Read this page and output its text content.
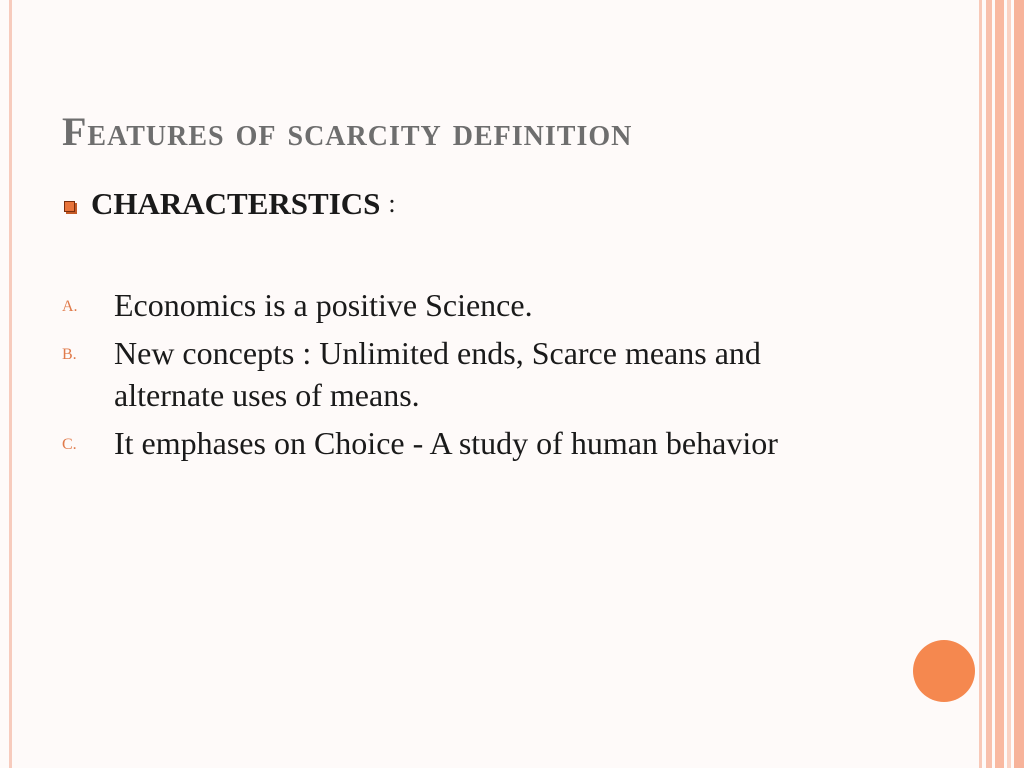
Features of scarcity definition
CHARACTERSTICS :
A.	Economics is a positive Science.
B.	New concepts : Unlimited ends, Scarce means and alternate uses of means.
C.	It emphases on Choice - A study of human behavior
